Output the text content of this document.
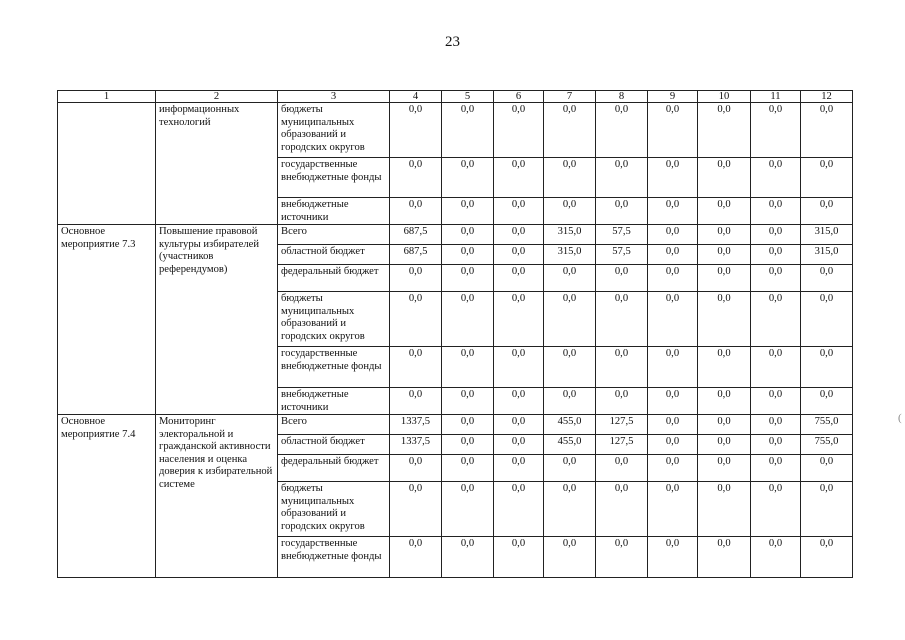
23
(
1	2	3	4	5	6	7	8	9	10	11	12
	информационных технологий	бюджеты муниципальных образований и городских округов	0,0	0,0	0,0	0,0	0,0	0,0	0,0	0,0	0,0
		государственные внебюджетные фонды	0,0	0,0	0,0	0,0	0,0	0,0	0,0	0,0	0,0
		внебюджетные источники	0,0	0,0	0,0	0,0	0,0	0,0	0,0	0,0	0,0
Основное мероприятие 7.3	Повышение правовой культуры избирателей (участников референдумов)	Всего	687,5	0,0	0,0	315,0	57,5	0,0	0,0	0,0	315,0
		областной бюджет	687,5	0,0	0,0	315,0	57,5	0,0	0,0	0,0	315,0
		федеральный бюджет	0,0	0,0	0,0	0,0	0,0	0,0	0,0	0,0	0,0
		бюджеты муниципальных образований и городских округов	0,0	0,0	0,0	0,0	0,0	0,0	0,0	0,0	0,0
		государственные внебюджетные фонды	0,0	0,0	0,0	0,0	0,0	0,0	0,0	0,0	0,0
		внебюджетные источники	0,0	0,0	0,0	0,0	0,0	0,0	0,0	0,0	0,0
Основное мероприятие 7.4	Мониторинг электоральной и гражданской активности населения и оценка доверия к избирательной системе	Всего	1337,5	0,0	0,0	455,0	127,5	0,0	0,0	0,0	755,0
		областной бюджет	1337,5	0,0	0,0	455,0	127,5	0,0	0,0	0,0	755,0
		федеральный бюджет	0,0	0,0	0,0	0,0	0,0	0,0	0,0	0,0	0,0
		бюджеты муниципальных образований и городских округов	0,0	0,0	0,0	0,0	0,0	0,0	0,0	0,0	0,0
		государственные внебюджетные фонды	0,0	0,0	0,0	0,0	0,0	0,0	0,0	0,0	0,0
